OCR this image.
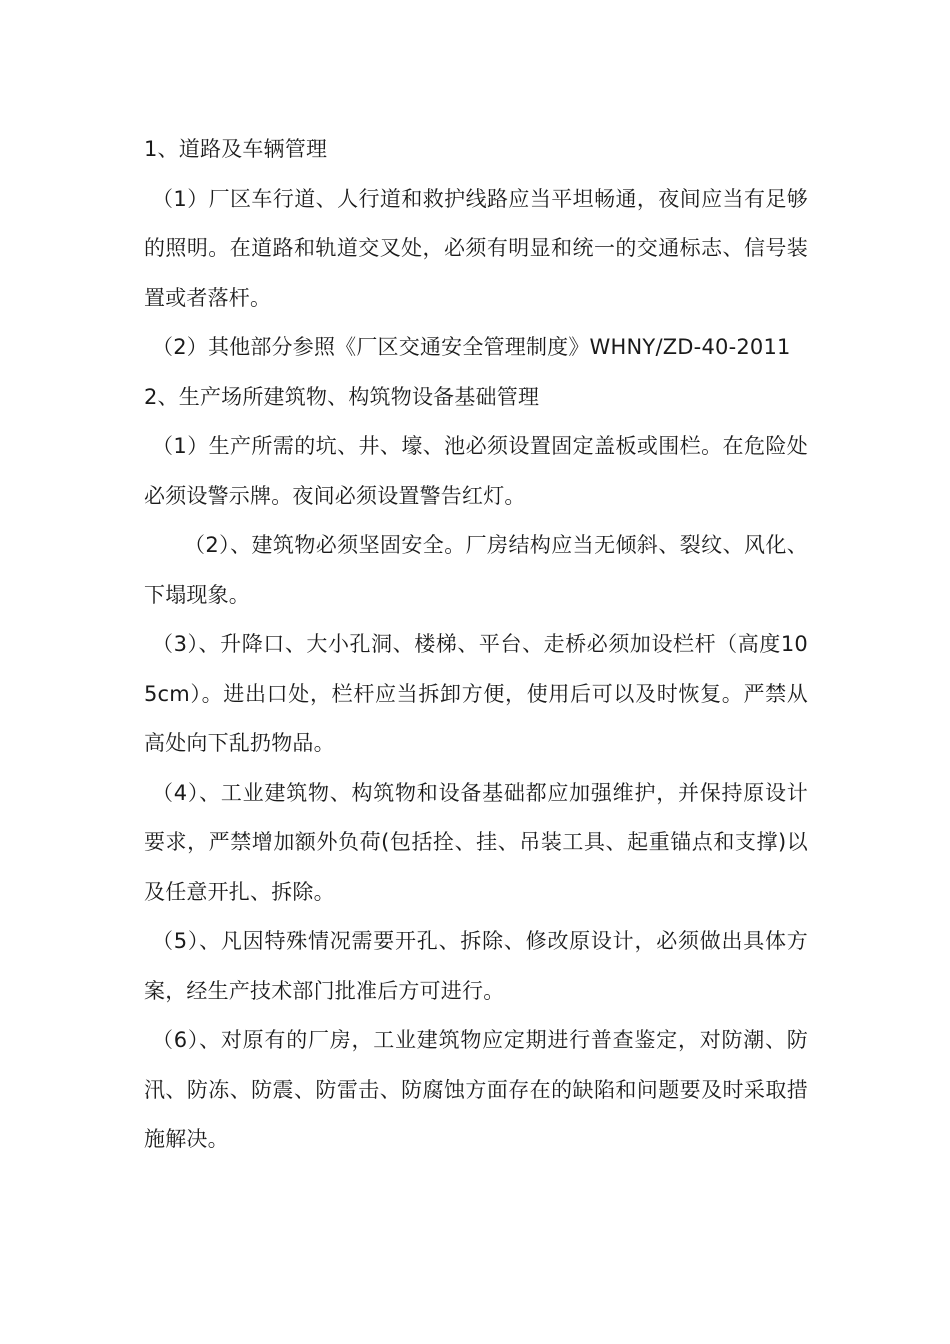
1、道路及车辆管理

（1）厂区车行道、人行道和救护线路应当平坦畅通，夜间应当有足够的照明。在道路和轨道交叉处，必须有明显和统一的交通标志、信号装置或者落杆。

（2）其他部分参照《厂区交通安全管理制度》WHNY/ZD-40-2011

2、生产场所建筑物、构筑物设备基础管理

（1）生产所需的坑、井、壕、池必须设置固定盖板或围栏。在危险处必须设警示牌。夜间必须设置警告红灯。

（2）、建筑物必须坚固安全。厂房结构应当无倾斜、裂纹、风化、下塌现象。

（3）、升降口、大小孔洞、楼梯、平台、走桥必须加设栏杆（高度105cm）。进出口处，栏杆应当拆卸方便，使用后可以及时恢复。严禁从高处向下乱扔物品。

（4）、工业建筑物、构筑物和设备基础都应加强维护，并保持原设计要求，严禁增加额外负荷(包括拴、挂、吊装工具、起重锚点和支撑)以及任意开扎、拆除。

（5）、凡因特殊情况需要开孔、拆除、修改原设计，必须做出具体方案，经生产技术部门批准后方可进行。

（6）、对原有的厂房，工业建筑物应定期进行普查鉴定，对防潮、防汛、防冻、防震、防雷击、防腐蚀方面存在的缺陷和问题要及时采取措施解决。
